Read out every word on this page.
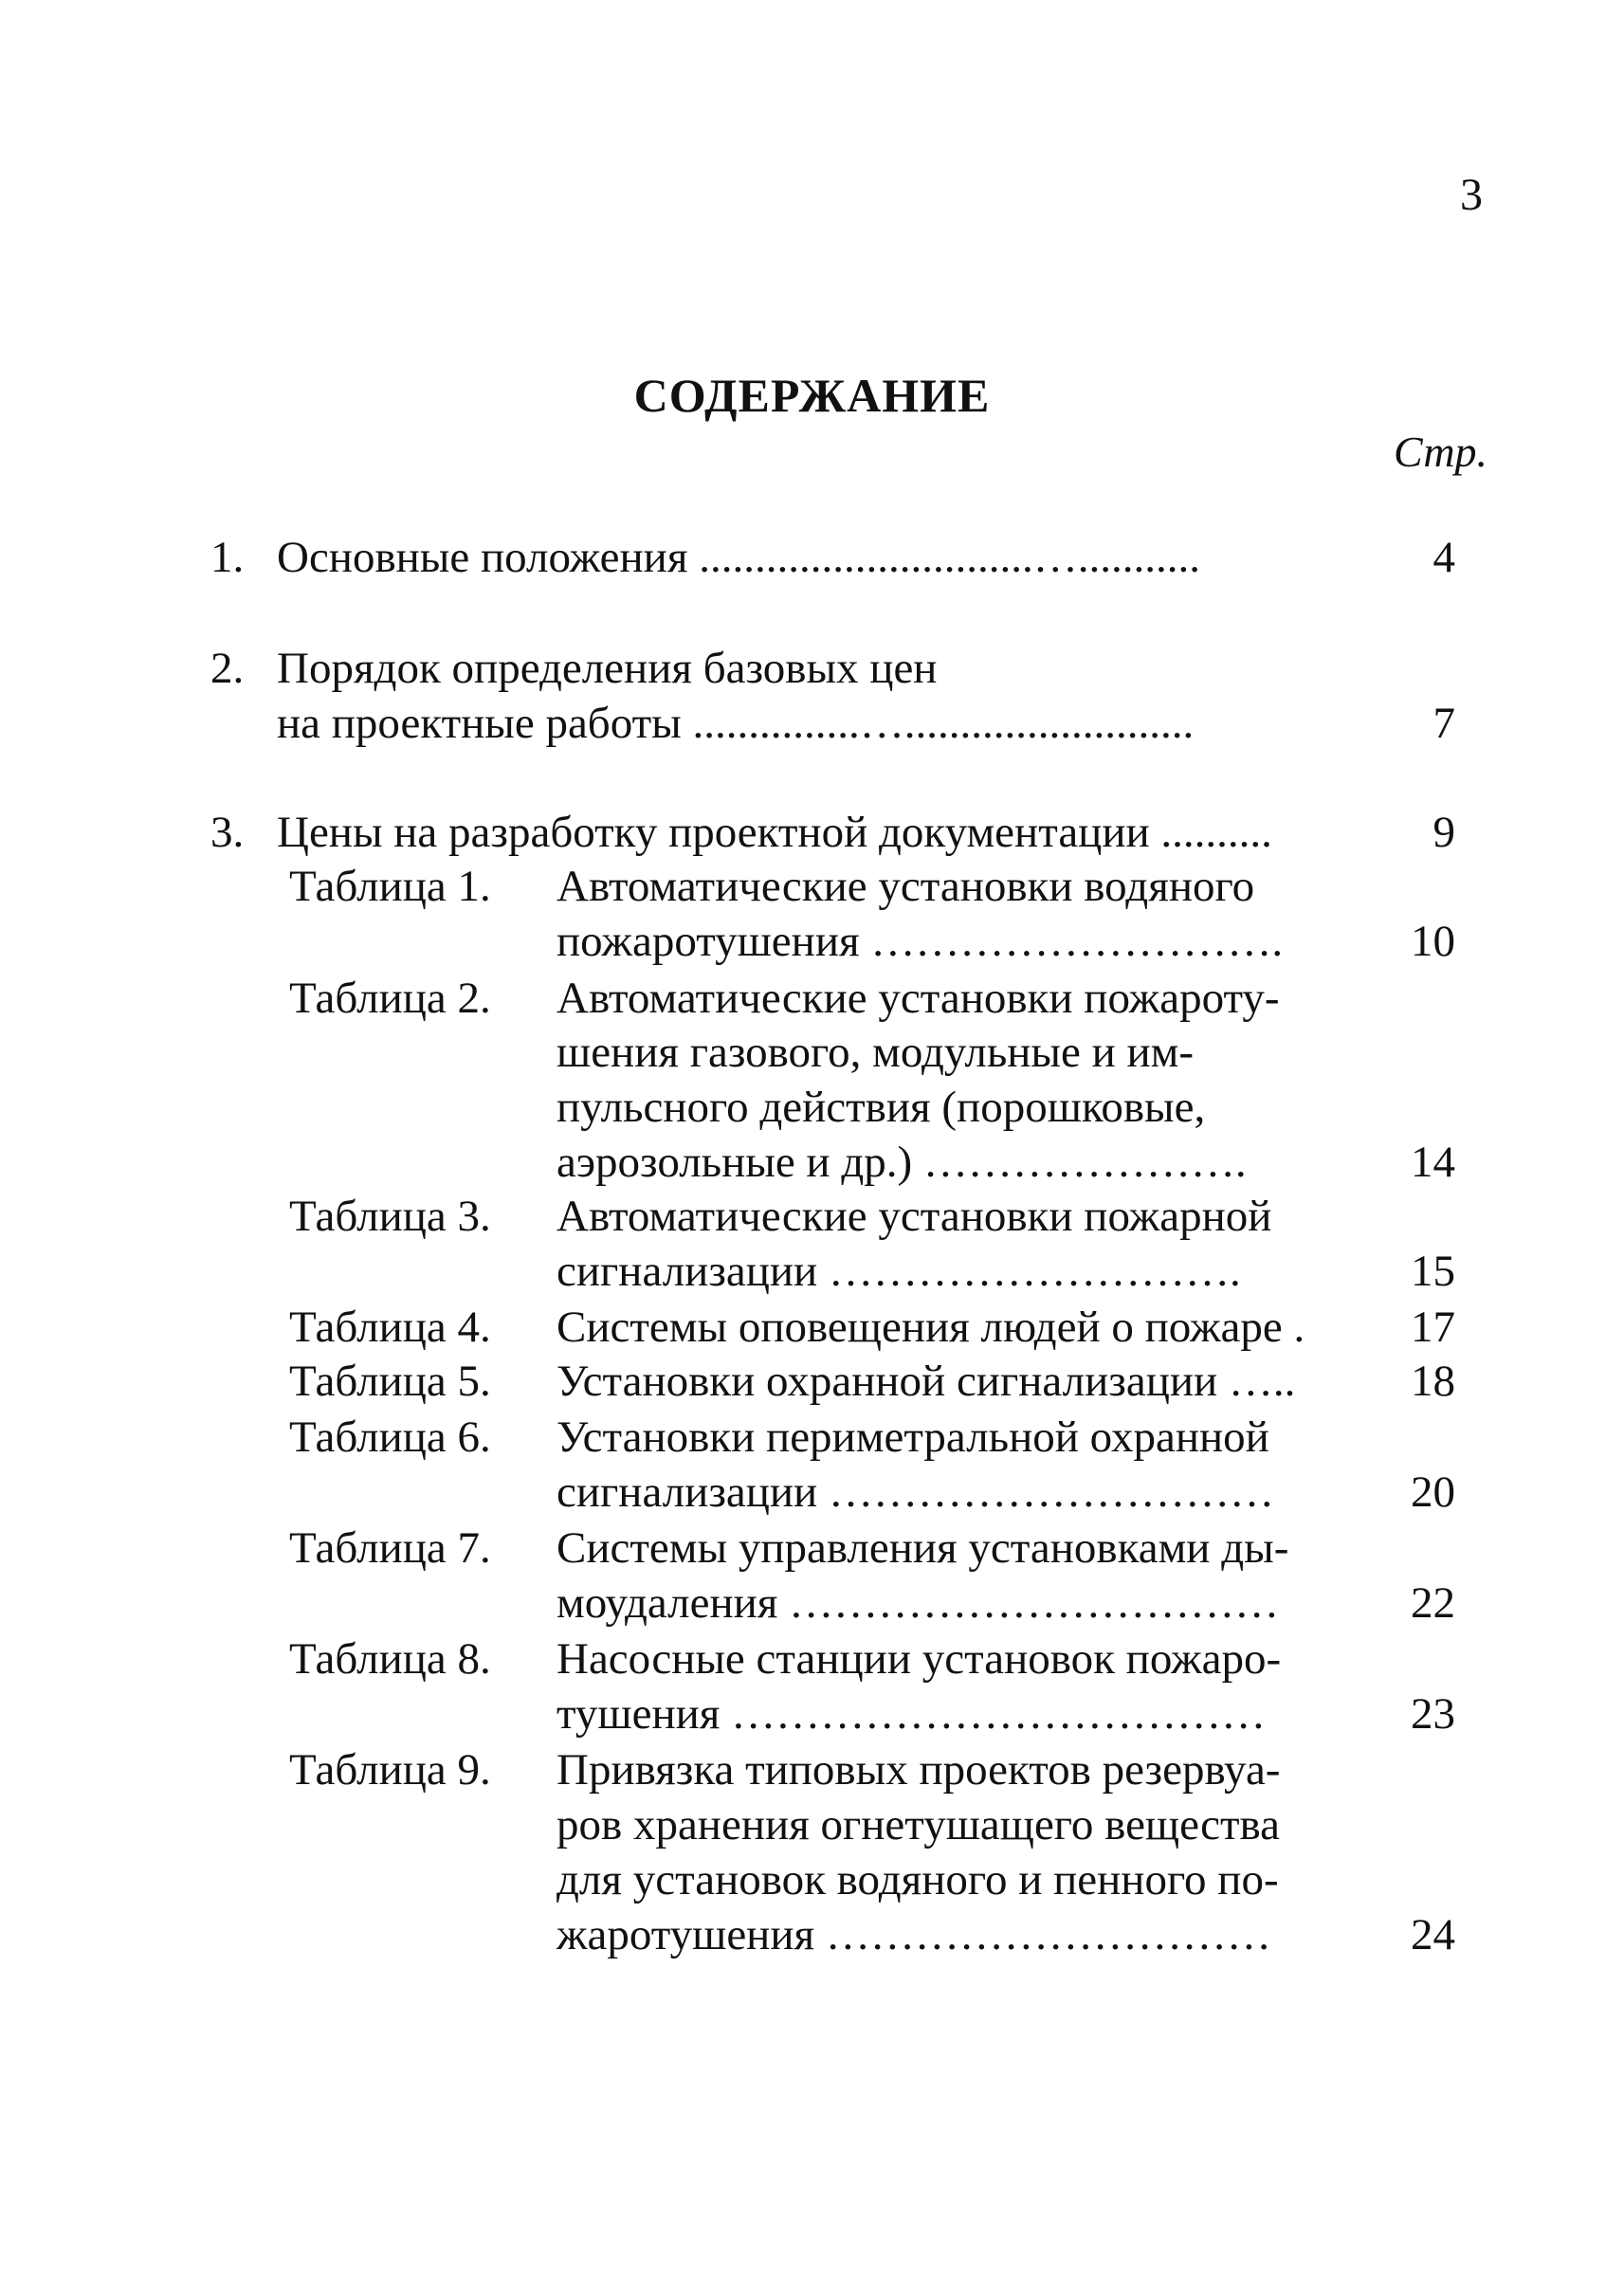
3
СОДЕРЖАНИЕ
Стр.
1. Основные положения ..............................…...........	4
2. Порядок определения базовых цен
на проектные работы ...............…..........................	7
3. Цены на разработку проектной документации ..........	9
Таблица 1. Автоматические установки водяного
пожаротушения ……………………….	10
Таблица 2. Автоматические установки пожароту-
шения газового, модульные и им-
пульсного действия (порошковые,
аэрозольные и др.) ………………….	14
Таблица 3. Автоматические установки пожарной
сигнализации ……………………….	15
Таблица 4. Системы оповещения людей о пожаре .	17
Таблица 5. Установки охранной сигнализации …..	18
Таблица 6. Установки периметральной охранной
сигнализации …………………………	20
Таблица 7. Системы управления установками ды-
моудаления ……………………………	22
Таблица 8. Насосные станции установок пожаро-
тушения ………………………………	23
Таблица 9. Привязка типовых проектов резервуа-
ров хранения огнетушащего вещества
для установок водяного и пенного по-
жаротушения …………………………	24
